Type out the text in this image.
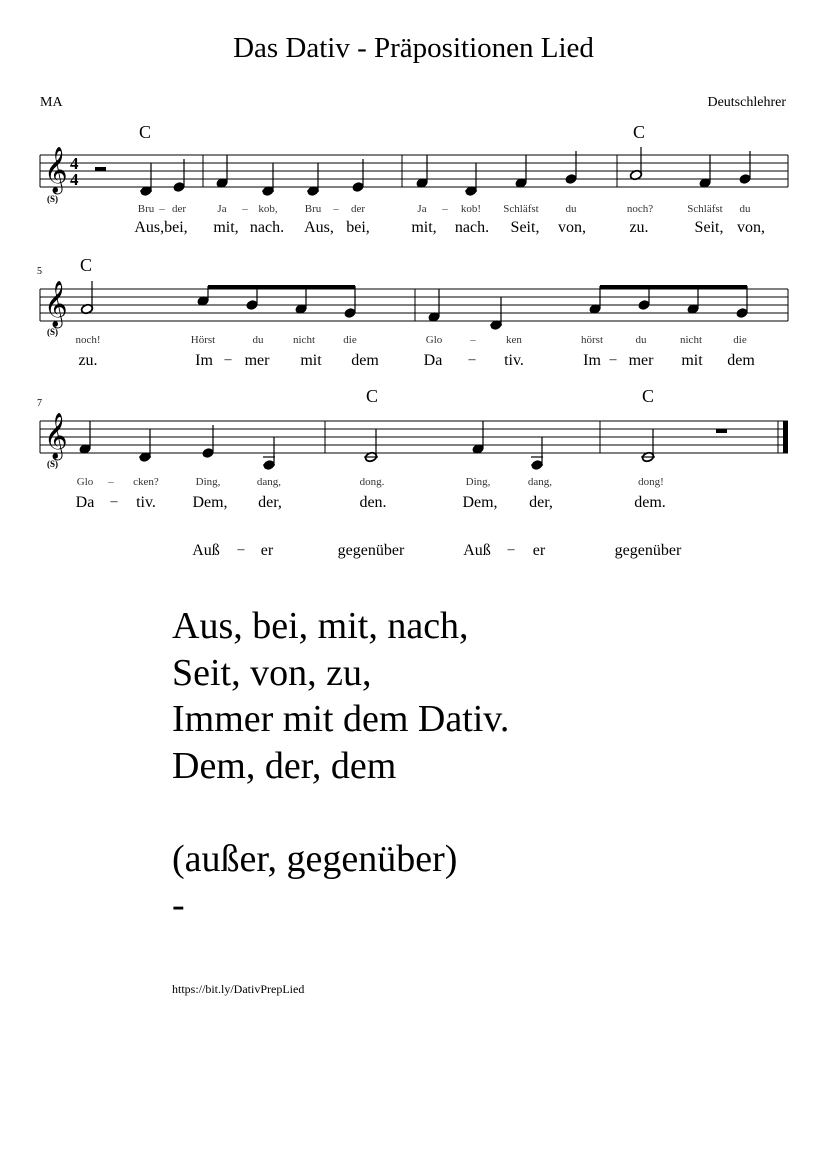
Das Dativ - Präpositionen Lied
MA	Deutschlehrer
𝄞
𝄞
𝄞
4
4
(S)
(S)
(S)
C	C
C
C	C
5
7
Bru – der	Ja – kob, Bru – der	Ja – kob! Schläfst du	noch?	Schläfst du
Aus,bei, mit, nach. Aus, bei,	mit, nach. Seit, von,	zu.	Seit, von,
noch!	Hörst	du	nicht	die	Glo	–	ken	hörst	du	nicht	die
zu.	Im – mer mit dem	Da – tiv.	Im – mer mit dem
Glo – cken?	Ding,	dang,	dong.	Ding,	dang,	dong!
Da – tiv. Dem, der,	den.	Dem, der,	dem.
Auß – er	gegenüber	Auß – er	gegenüber
Aus, bei, mit, nach,
Seit, von, zu,
Immer mit dem Dativ.
Dem, der, dem

(außer, gegenüber)
-
https://bit.ly/DativPrepLied
